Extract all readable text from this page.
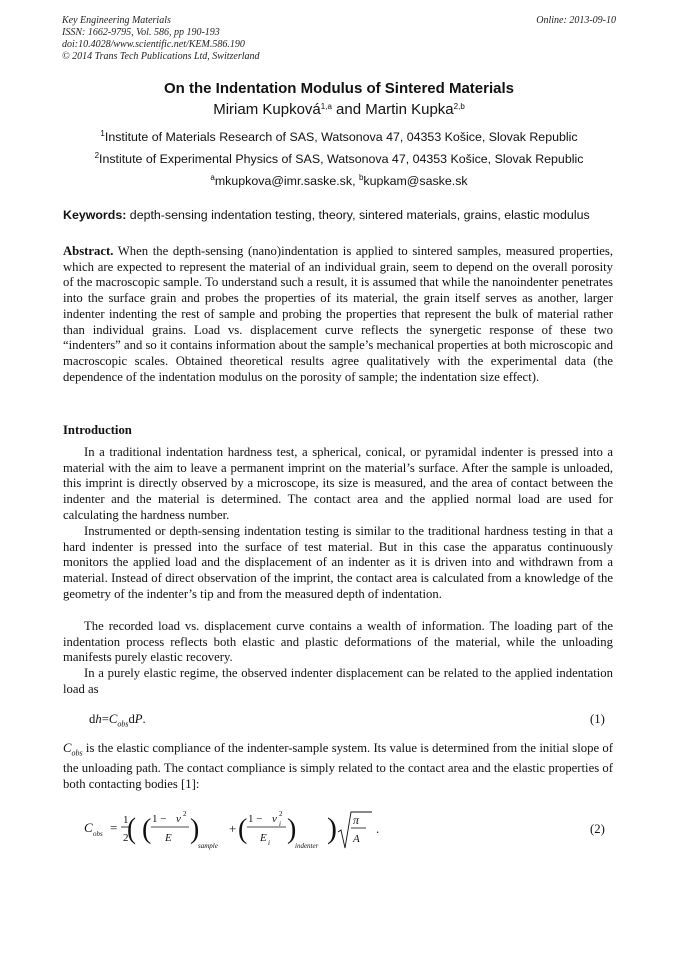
Key Engineering Materials
ISSN: 1662-9795, Vol. 586, pp 190-193
doi:10.4028/www.scientific.net/KEM.586.190
© 2014 Trans Tech Publications Ltd, Switzerland
Online: 2013-09-10
On the Indentation Modulus of Sintered Materials
Miriam Kupková$^{1,a}$ and Martin Kupka$^{2,b}$
$^1$Institute of Materials Research of SAS, Watsonova 47, 04353 Košice, Slovak Republic
$^2$Institute of Experimental Physics of SAS, Watsonova 47, 04353 Košice, Slovak Republic
$^a$mkupkova@imr.saske.sk, $^b$kupkam@saske.sk
Keywords: depth-sensing indentation testing, theory, sintered materials, grains, elastic modulus
Abstract. When the depth-sensing (nano)indentation is applied to sintered samples, measured properties, which are expected to represent the material of an individual grain, seem to depend on the overall porosity of the macroscopic sample. To understand such a result, it is assumed that while the nanoindenter penetrates into the surface grain and probes the properties of its material, the grain itself serves as another, larger indenter indenting the rest of sample and probing the properties that represent the bulk of material rather than individual grains. Load vs. displacement curve reflects the synergetic response of these two “indenters” and so it contains information about the sample’s mechanical properties at both microscopic and macroscopic scales. Obtained theoretical results agree qualitatively with the experimental data (the dependence of the indentation modulus on the porosity of sample; the indentation size effect).
Introduction
In a traditional indentation hardness test, a spherical, conical, or pyramidal indenter is pressed into a material with the aim to leave a permanent imprint on the material’s surface. After the sample is unloaded, this imprint is directly observed by a microscope, its size is measured, and the area of contact between the indenter and the material is determined. The contact area and the applied normal load are used for calculating the hardness number.
Instrumented or depth-sensing indentation testing is similar to the traditional hardness testing in that a hard indenter is pressed into the surface of test material. But in this case the apparatus continuously monitors the applied load and the displacement of an indenter as it is driven into and withdrawn from a material. Instead of direct observation of the imprint, the contact area is calculated from a knowledge of the geometry of the indenter’s tip and from the measured depth of indentation.
The recorded load vs. displacement curve contains a wealth of information. The loading part of the indentation process reflects both elastic and plastic deformations of the material, while the unloading manifests purely elastic recovery.
In a purely elastic regime, the observed indenter displacement can be related to the applied indentation load as
$dh=C_{obs}dP$.	(1)
$C_{obs}$ is the elastic compliance of the indenter-sample system. Its value is determined from the initial slope of the unloading path. The contact compliance is simply related to the contact area and the elastic properties of both contacting bodies [1]:
C obs = 1
2
( ( 1 − ν 2
E )
sample
+ ( 1 − ν 2
i
E i )
indenter
) π
A
.	(2)
